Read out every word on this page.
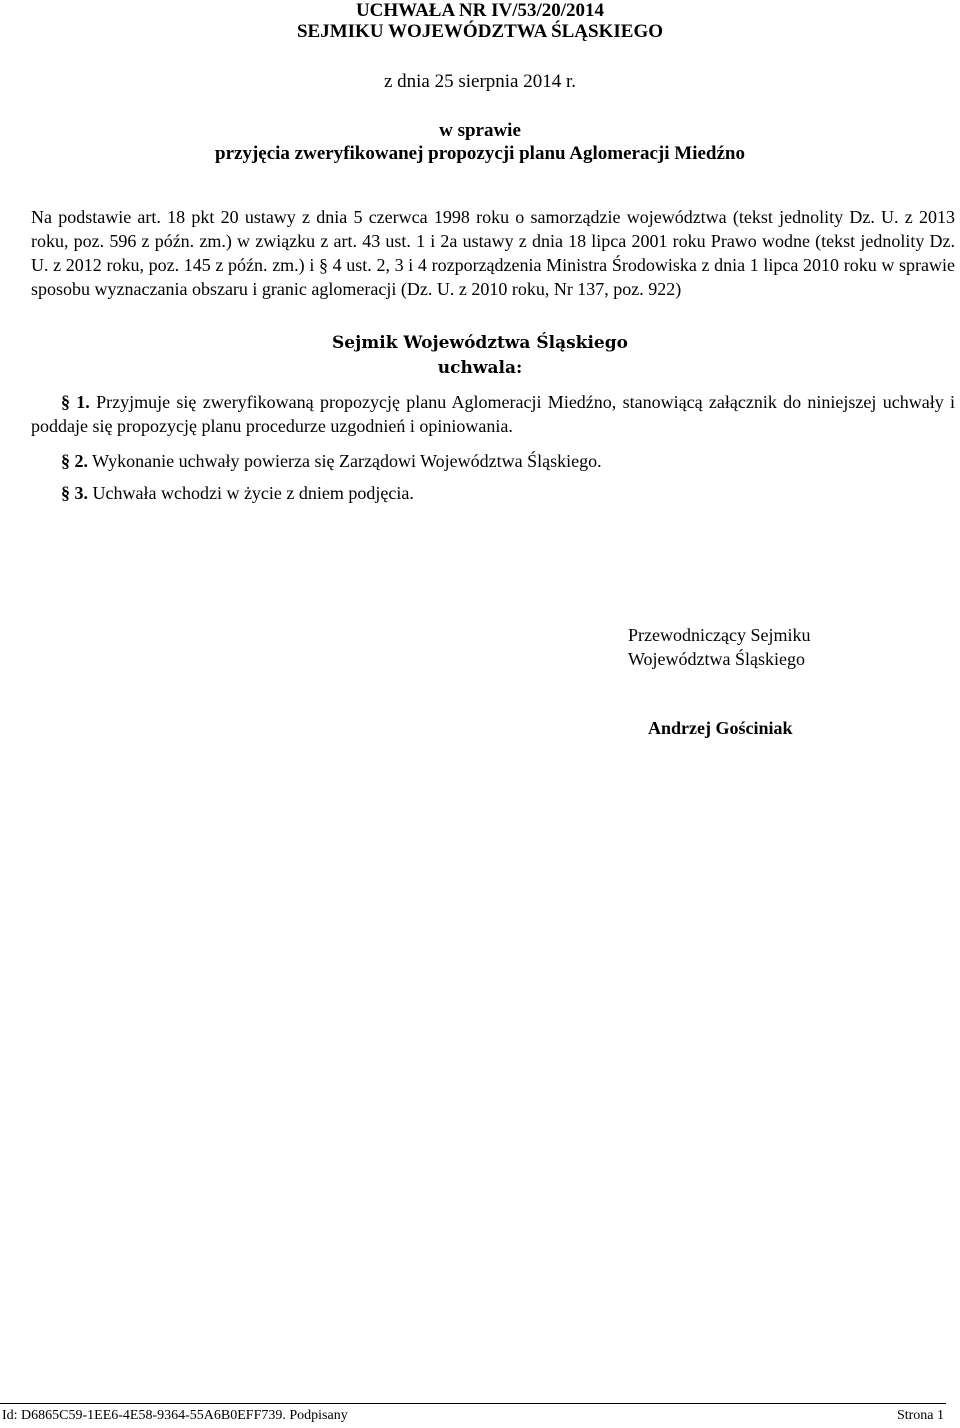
UCHWAŁA NR IV/53/20/2014
SEJMIKU WOJEWÓDZTWA ŚLĄSKIEGO
z dnia 25 sierpnia 2014 r.
w sprawie
przyjęcia zweryfikowanej propozycji planu Aglomeracji Miedźno
Na podstawie art. 18 pkt 20 ustawy z dnia 5 czerwca 1998 roku o samorządzie województwa (tekst jednolity Dz. U. z 2013 roku, poz. 596 z późn. zm.) w związku z art. 43 ust. 1 i 2a ustawy z dnia 18 lipca 2001 roku Prawo wodne (tekst jednolity Dz. U. z 2012 roku, poz. 145 z późn. zm.) i § 4 ust. 2, 3 i 4 rozporządzenia Ministra Środowiska z dnia 1 lipca 2010 roku w sprawie sposobu wyznaczania obszaru i granic aglomeracji (Dz. U. z 2010 roku, Nr 137, poz. 922)
Sejmik Województwa Śląskiego
uchwala:
§ 1. Przyjmuje się zweryfikowaną propozycję planu Aglomeracji Miedźno, stanowiącą załącznik do niniejszej uchwały i poddaje się propozycję planu procedurze uzgodnień i opiniowania.
§ 2. Wykonanie uchwały powierza się Zarządowi Województwa Śląskiego.
§ 3. Uchwała wchodzi w życie z dniem podjęcia.
Przewodniczący Sejmiku
Województwa Śląskiego
Andrzej Gościniak
Id: D6865C59-1EE6-4E58-9364-55A6B0EFF739. Podpisany	Strona 1
